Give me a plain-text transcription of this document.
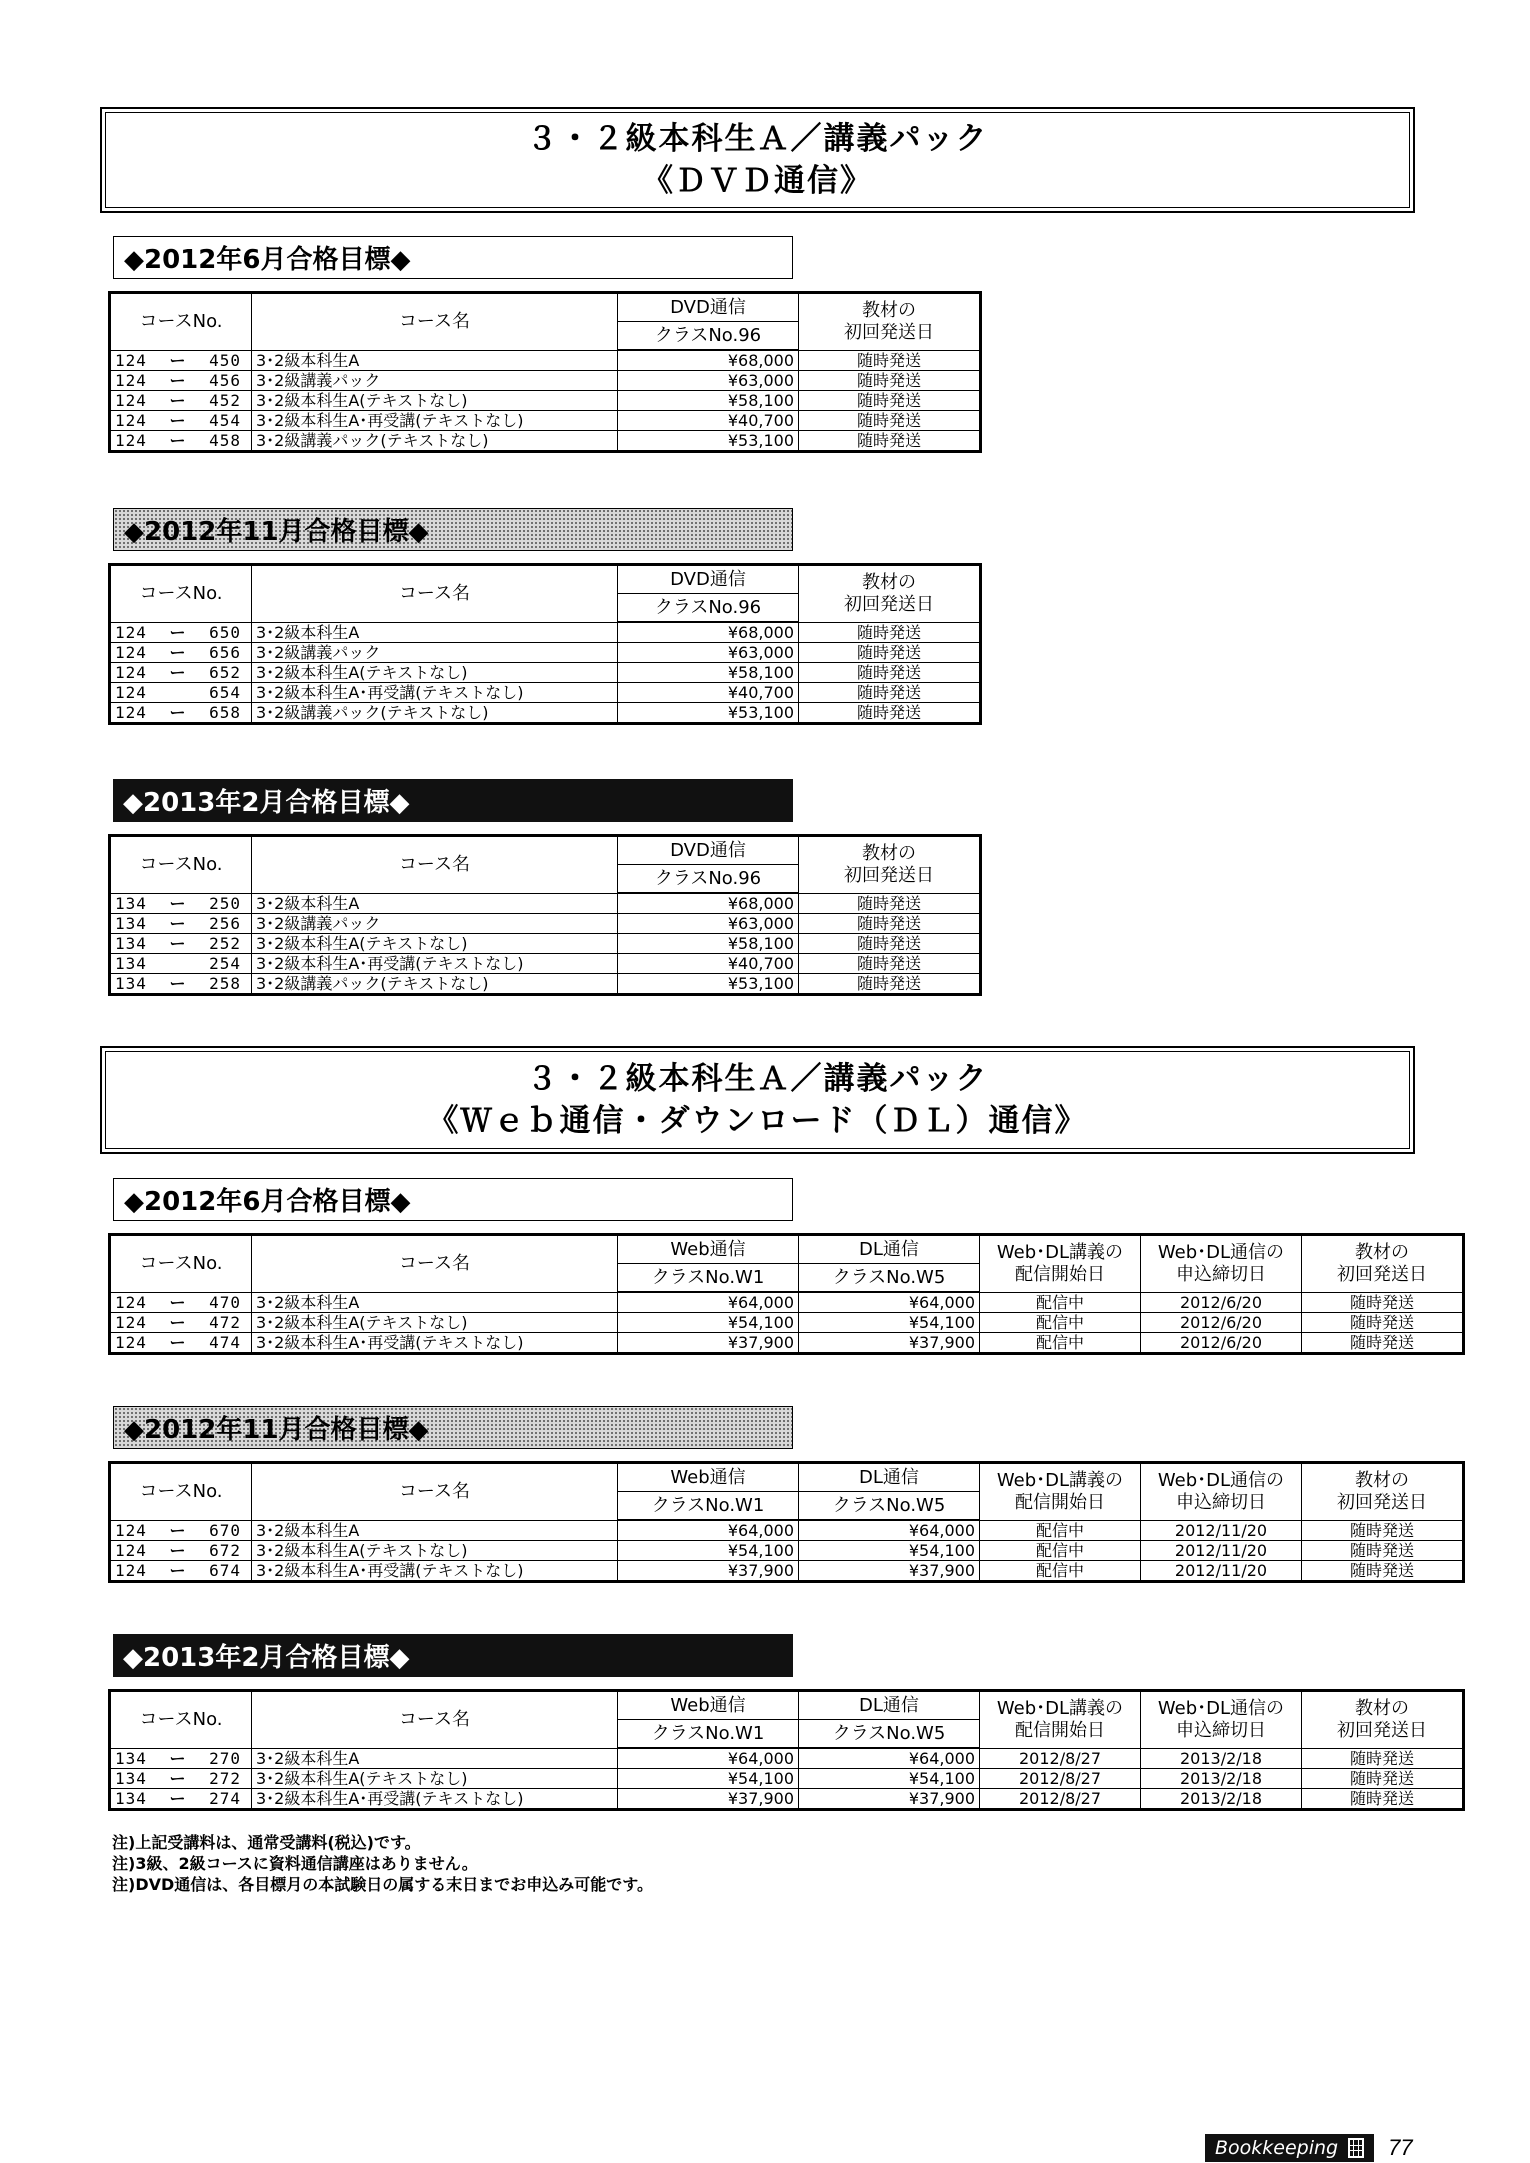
３・２級本科生Ａ／講義パック
《ＤＶＤ通信》
◆2012年6月合格目標◆
コースNo.	コース名	DVD通信	教材の
初回発送日
		クラスNo.96	
124 ー 450	3･2級本科生A	¥68,000	随時発送
124 ー 456	3･2級講義パック	¥63,000	随時発送
124 ー 452	3･2級本科生A(テキストなし)	¥58,100	随時発送
124 ー 454	3･2級本科生A･再受講(テキストなし)	¥40,700	随時発送
124 ー 458	3･2級講義パック(テキストなし)	¥53,100	随時発送
◆2012年11月合格目標◆
コースNo.	コース名	DVD通信	教材の
初回発送日
		クラスNo.96	
124 ー 650	3･2級本科生A	¥68,000	随時発送
124 ー 656	3･2級講義パック	¥63,000	随時発送
124 ー 652	3･2級本科生A(テキストなし)	¥58,100	随時発送
124 654	3･2級本科生A･再受講(テキストなし)	¥40,700	随時発送
124 ー 658	3･2級講義パック(テキストなし)	¥53,100	随時発送
◆2013年2月合格目標◆
コースNo.	コース名	DVD通信	教材の
初回発送日
		クラスNo.96	
134 ー 250	3･2級本科生A	¥68,000	随時発送
134 ー 256	3･2級講義パック	¥63,000	随時発送
134 ー 252	3･2級本科生A(テキストなし)	¥58,100	随時発送
134 254	3･2級本科生A･再受講(テキストなし)	¥40,700	随時発送
134 ー 258	3･2級講義パック(テキストなし)	¥53,100	随時発送
３・２級本科生Ａ／講義パック
《Ｗｅｂ通信・ダウンロード（ＤＬ）通信》
◆2012年6月合格目標◆
コースNo.	コース名	Web通信	DL通信	Web･DL講義の
配信開始日	Web･DL通信の
申込締切日	教材の
初回発送日
		クラスNo.W1	クラスNo.W5			
124 ー 470	3･2級本科生A	¥64,000	¥64,000	配信中	2012/6/20	随時発送
124 ー 472	3･2級本科生A(テキストなし)	¥54,100	¥54,100	配信中	2012/6/20	随時発送
124 ー 474	3･2級本科生A･再受講(テキストなし)	¥37,900	¥37,900	配信中	2012/6/20	随時発送
◆2012年11月合格目標◆
コースNo.	コース名	Web通信	DL通信	Web･DL講義の
配信開始日	Web･DL通信の
申込締切日	教材の
初回発送日
		クラスNo.W1	クラスNo.W5			
124 ー 670	3･2級本科生A	¥64,000	¥64,000	配信中	2012/11/20	随時発送
124 ー 672	3･2級本科生A(テキストなし)	¥54,100	¥54,100	配信中	2012/11/20	随時発送
124 ー 674	3･2級本科生A･再受講(テキストなし)	¥37,900	¥37,900	配信中	2012/11/20	随時発送
◆2013年2月合格目標◆
コースNo.	コース名	Web通信	DL通信	Web･DL講義の
配信開始日	Web･DL通信の
申込締切日	教材の
初回発送日
		クラスNo.W1	クラスNo.W5			
134 ー 270	3･2級本科生A	¥64,000	¥64,000	2012/8/27	2013/2/18	随時発送
134 ー 272	3･2級本科生A(テキストなし)	¥54,100	¥54,100	2012/8/27	2013/2/18	随時発送
134 ー 274	3･2級本科生A･再受講(テキストなし)	¥37,900	¥37,900	2012/8/27	2013/2/18	随時発送
注)上記受講料は、通常受講料(税込)です。
注)3級、2級コースに資料通信講座はありません。
注)DVD通信は、各目標月の本試験日の属する末日までお申込み可能です。
Bookkeeping 77
